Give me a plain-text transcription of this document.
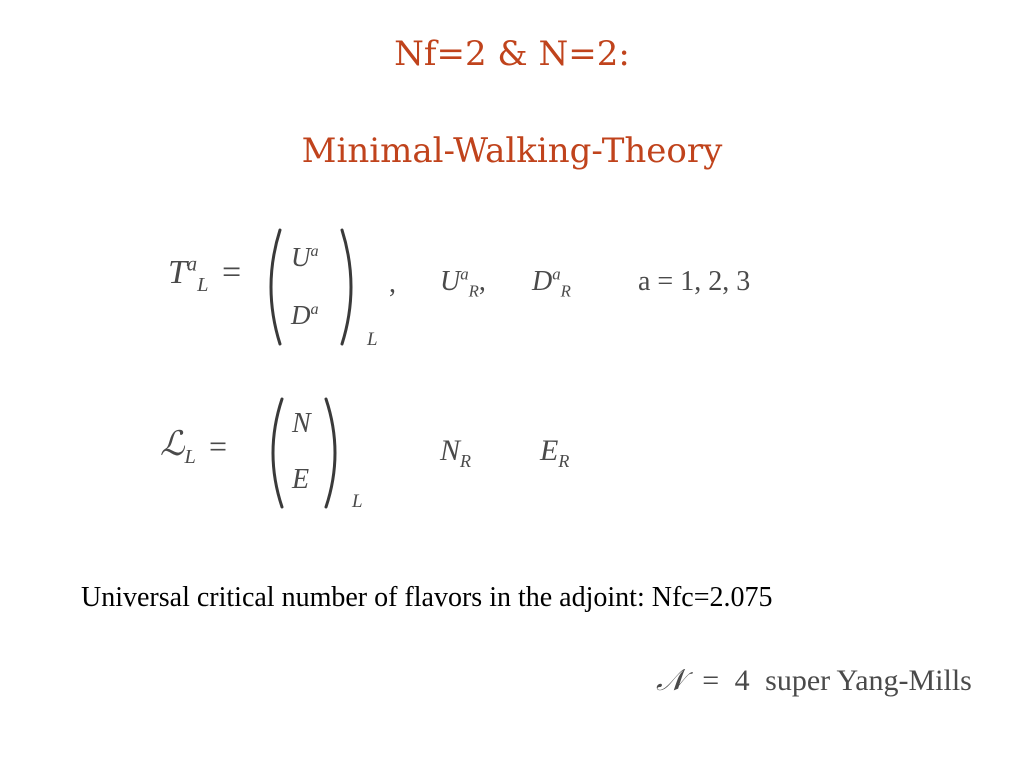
Nf=2 & N=2:
Minimal-Walking-Theory
$T^a_L = U^a$
$D^a$
L
, $U^a_R$, $D^a_R$ a = 1, 2, 3
ℒ$_L$ =
N
E
L
$N_R$ $E_R$

Universal critical number of flavors in the adjoint: Nfc=2.075

𝒩 = 4 super Yang-Mills
